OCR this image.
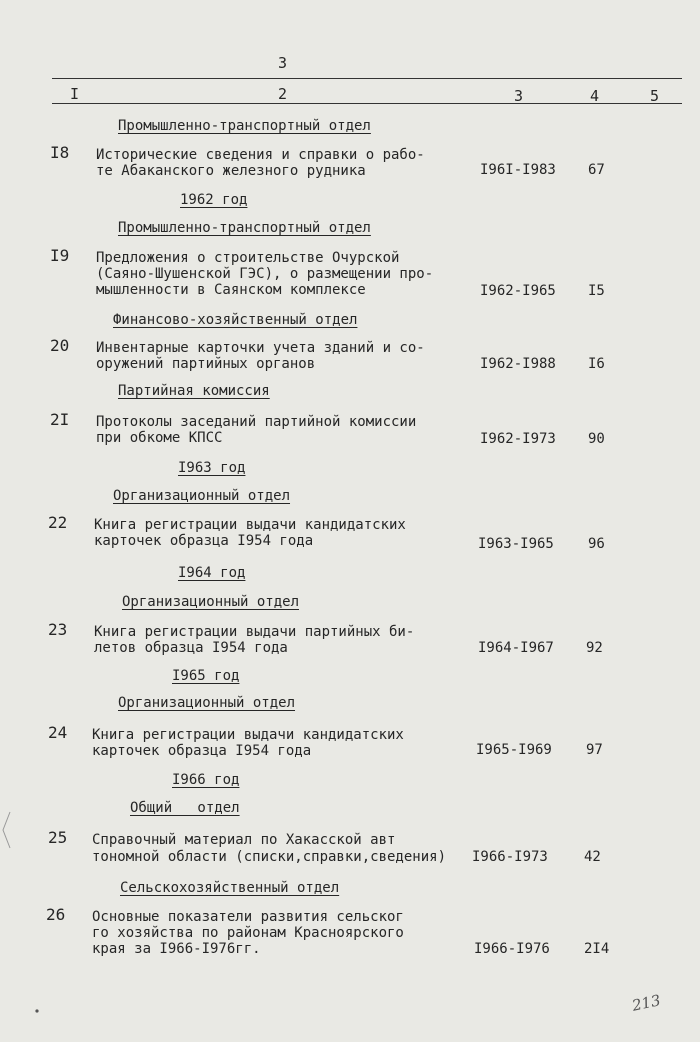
3
I	2	3	4	5
Промышленно-транспортный отдел
I8 Исторические сведения и справки о рабо-
те Абаканского железного рудника	I96I-I983 67
1962 год
Промышленно-транспортный отдел
I9 Предложения о строительстве Очурской
(Саяно-Шушенской ГЭС), о размещении про-
мышленности в Саянском комплексе	I962-I965 I5
Финансово-хозяйственный отдел
20 Инвентарные карточки учета зданий и со-
оружений партийных органов	I962-I988 I6
Партийная комиссия
2I Протоколы заседаний партийной комиссии
при обкоме КПСС	I962-I973 90
I963 год
Организационный отдел
22 Книга регистрации выдачи кандидатских
карточек образца I954 года	I963-I965 96
I964 год
Организационный отдел
23 Книга регистрации выдачи партийных би-
летов образца I954 года	I964-I967 92
I965 год
Организационный отдел
24 Книга регистрации выдачи кандидатских
карточек образца I954 года	I965-I969 97
I966 год
Общий   отдел
25 Справочный материал по Хакасской авт
тономной области (списки,справки,сведения) I966-I973	42
Сельскохозяйственный отдел
26 Основные показатели развития сельског
го хозяйства по районам Красноярского
края за I966-I976гг.	I966-I976 2I4
213
